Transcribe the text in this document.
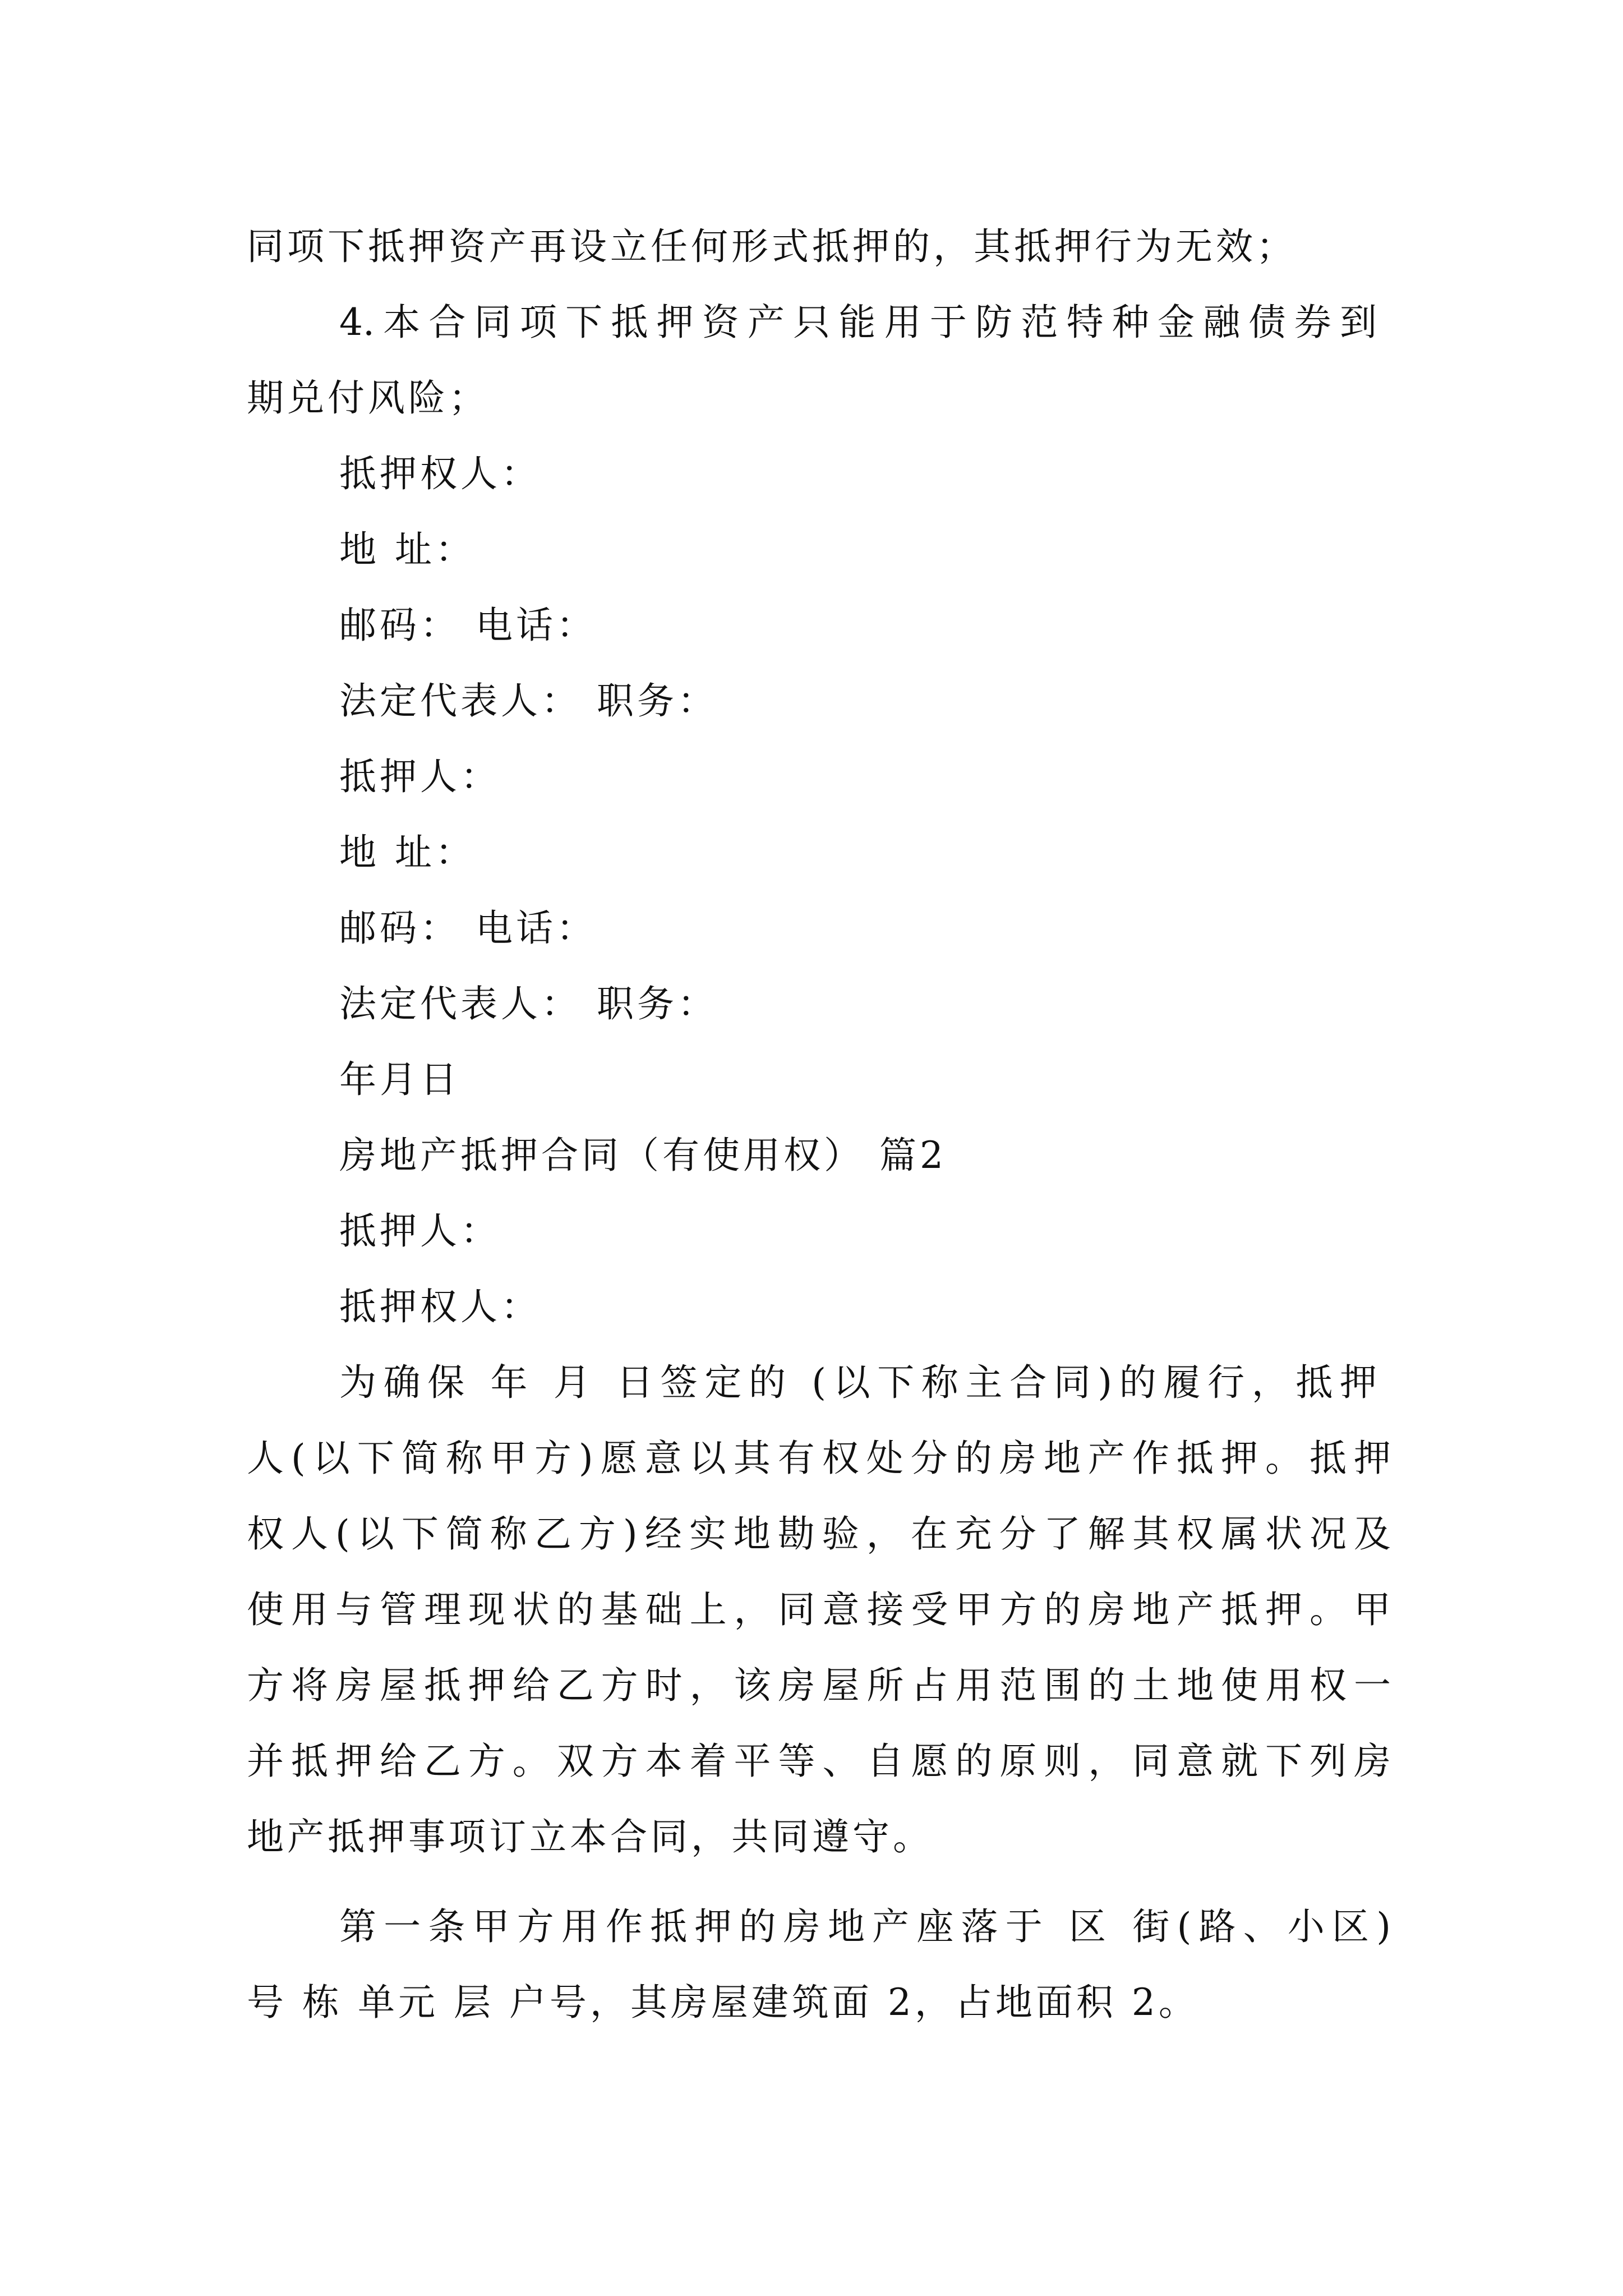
同项下抵押资产再设立任何形式抵押的，其抵押行为无效；
4.本合同项下抵押资产只能用于防范特种金融债券到
期兑付风险；
抵押权人：
地 址：
邮码： 电话：
法定代表人： 职务：
抵押人：
地 址：
邮码： 电话：
法定代表人： 职务：
年月日
房地产抵押合同（有使用权） 篇2
抵押人：
抵押权人：
为确保 年 月 日签定的 (以下称主合同)的履行，抵押
人(以下简称甲方)愿意以其有权处分的房地产作抵押。抵押
权人(以下简称乙方)经实地勘验，在充分了解其权属状况及
使用与管理现状的基础上，同意接受甲方的房地产抵押。甲
方将房屋抵押给乙方时，该房屋所占用范围的土地使用权一
并抵押给乙方。双方本着平等、自愿的原则，同意就下列房
地产抵押事项订立本合同，共同遵守。
第一条甲方用作抵押的房地产座落于 区 街(路、小区)
号 栋 单元 层 户号，其房屋建筑面 2，占地面积 2。
